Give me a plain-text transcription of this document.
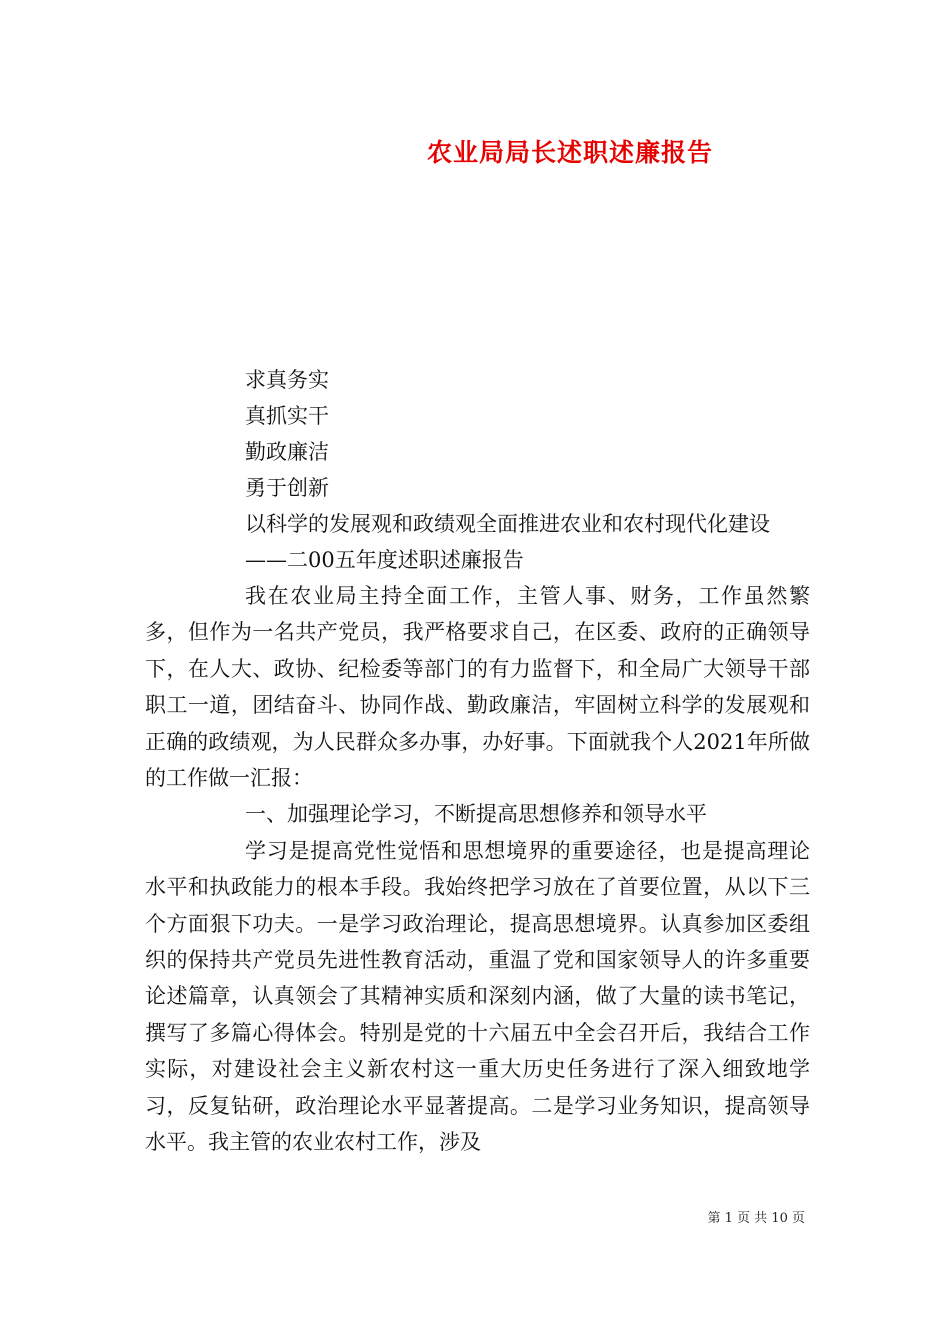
农业局局长述职述廉报告
求真务实
真抓实干
勤政廉洁
勇于创新
以科学的发展观和政绩观全面推进农业和农村现代化建设
——二00五年度述职述廉报告

我在农业局主持全面工作，主管人事、财务，工作虽然繁多，但作为一名共产党员，我严格要求自己，在区委、政府的正确领导下，在人大、政协、纪检委等部门的有力监督下，和全局广大领导干部职工一道，团结奋斗、协同作战、勤政廉洁，牢固树立科学的发展观和正确的政绩观，为人民群众多办事，办好事。下面就我个人2021年所做的工作做一汇报：

一、加强理论学习，不断提高思想修养和领导水平

学习是提高党性觉悟和思想境界的重要途径，也是提高理论水平和执政能力的根本手段。我始终把学习放在了首要位置，从以下三个方面狠下功夫。一是学习政治理论，提高思想境界。认真参加区委组织的保持共产党员先进性教育活动，重温了党和国家领导人的许多重要论述篇章，认真领会了其精神实质和深刻内涵，做了大量的读书笔记，撰写了多篇心得体会。特别是党的十六届五中全会召开后，我结合工作实际，对建设社会主义新农村这一重大历史任务进行了深入细致地学习，反复钻研，政治理论水平显著提高。二是学习业务知识，提高领导水平。我主管的农业农村工作，涉及

第 1 页 共 10 页
